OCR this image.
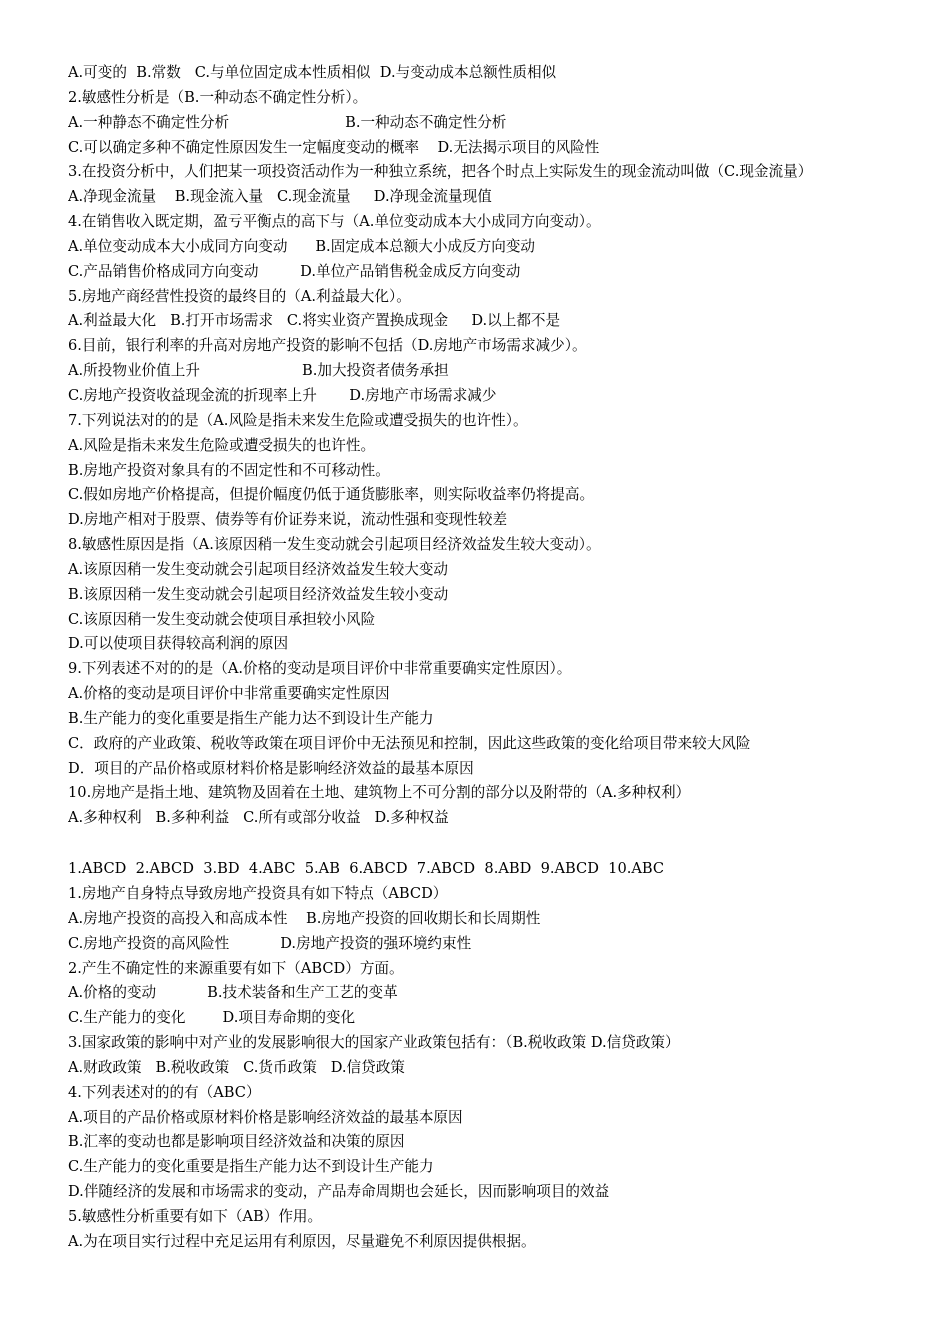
A.可变的  B.常数   C.与单位固定成本性质相似  D.与变动成本总额性质相似
2.敏感性分析是（B.一种动态不确定性分析）。
A.一种静态不确定性分析                         B.一种动态不确定性分析
C.可以确定多种不确定性原因发生一定幅度变动的概率    D.无法揭示项目的风险性
3.在投资分析中，人们把某一项投资活动作为一种独立系统，把各个时点上实际发生的现金流动叫做（C.现金流量）
A.净现金流量    B.现金流入量   C.现金流量     D.净现金流量现值
4.在销售收入既定期，盈亏平衡点的高下与（A.单位变动成本大小成同方向变动）。
A.单位变动成本大小成同方向变动      B.固定成本总额大小成反方向变动
C.产品销售价格成同方向变动         D.单位产品销售税金成反方向变动
5.房地产商经营性投资的最终目的（A.利益最大化）。
A.利益最大化   B.打开市场需求   C.将实业资产置换成现金     D.以上都不是
6.目前，银行利率的升高对房地产投资的影响不包括（D.房地产市场需求减少）。
A.所投物业价值上升                      B.加大投资者债务承担
C.房地产投资收益现金流的折现率上升       D.房地产市场需求减少
7.下列说法对的的是（A.风险是指未来发生危险或遭受损失的也许性）。
A.风险是指未来发生危险或遭受损失的也许性。
B.房地产投资对象具有的不固定性和不可移动性。
C.假如房地产价格提高，但提价幅度仍低于通货膨胀率，则实际收益率仍将提高。
D.房地产相对于股票、债券等有价证券来说，流动性强和变现性较差
8.敏感性原因是指（A.该原因稍一发生变动就会引起项目经济效益发生较大变动）。
A.该原因稍一发生变动就会引起项目经济效益发生较大变动
B.该原因稍一发生变动就会引起项目经济效益发生较小变动
C.该原因稍一发生变动就会使项目承担较小风险
D.可以使项目获得较高利润的原因
9.下列表述不对的的是（A.价格的变动是项目评价中非常重要确实定性原因）。
A.价格的变动是项目评价中非常重要确实定性原因
B.生产能力的变化重要是指生产能力达不到设计生产能力
C．政府的产业政策、税收等政策在项目评价中无法预见和控制，因此这些政策的变化给项目带来较大风险
D．项目的产品价格或原材料价格是影响经济效益的最基本原因
10.房地产是指土地、建筑物及固着在土地、建筑物上不可分割的部分以及附带的（A.多种权利）
A.多种权利   B.多种利益   C.所有或部分收益   D.多种权益

1.ABCD  2.ABCD  3.BD  4.ABC  5.AB  6.ABCD  7.ABCD  8.ABD  9.ABCD  10.ABC
1.房地产自身特点导致房地产投资具有如下特点（ABCD）
A.房地产投资的高投入和高成本性    B.房地产投资的回收期长和长周期性
C.房地产投资的高风险性           D.房地产投资的强环境约束性
2.产生不确定性的来源重要有如下（ABCD）方面。
A.价格的变动           B.技术装备和生产工艺的变革
C.生产能力的变化        D.项目寿命期的变化
3.国家政策的影响中对产业的发展影响很大的国家产业政策包括有：（B.税收政策 D.信贷政策）
A.财政政策   B.税收政策   C.货币政策   D.信贷政策
4.下列表述对的的有（ABC）
A.项目的产品价格或原材料价格是影响经济效益的最基本原因
B.汇率的变动也都是影响项目经济效益和决策的原因
C.生产能力的变化重要是指生产能力达不到设计生产能力
D.伴随经济的发展和市场需求的变动，产品寿命周期也会延长，因而影响项目的效益
5.敏感性分析重要有如下（AB）作用。
A.为在项目实行过程中充足运用有利原因，尽量避免不利原因提供根据。
